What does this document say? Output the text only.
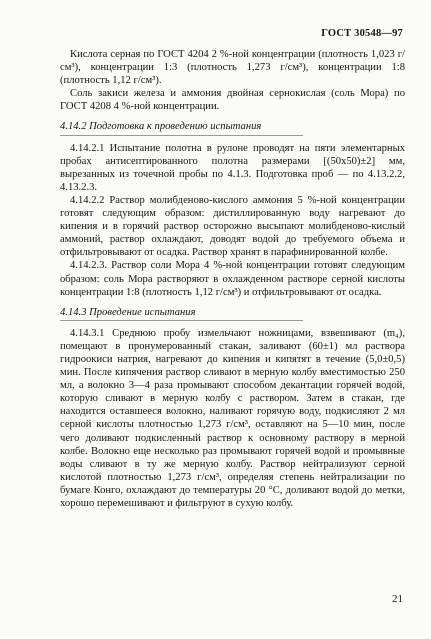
ГОСТ 30548—97

Кислота серная по ГОСТ 4204 2 %-ной концентрации (плотность 1,023 г/см³), концентрации 1:3 (плотность 1,273 г/см³), концентрации 1:8 (плотность 1,12 г/см³).

Соль закиси железа и аммония двойная сернокислая (соль Мора) по ГОСТ 4208 4 %-ной концентрации.

4.14.2 Подготовка к проведению испытания

4.14.2.1 Испытание полотна в рулоне проводят на пяти элементарных пробах антисептированного полотна размерами [(50x50)±2] мм, вырезанных из точечной пробы по 4.1.3. Подготовка проб — по 4.13.2.2, 4.13.2.3.

4.14.2.2 Раствор молибденово-кислого аммония 5 %-ной концентрации готовят следующим образом: дистиллированную воду нагревают до кипения и в горячий раствор осторожно высыпают молибденово-кислый аммоний, раствор охлаждают, доводят водой до требуемого объема и отфильтровывают от осадка. Раствор хранят в парафинированной колбе.

4.14.2.3. Раствор соли Мора 4 %-ной концентрации готовят следующим образом: соль Мора растворяют в охлажденном растворе серной кислоты концентрации 1:8 (плотность 1,12 г/см³) и отфильтровывают от осадка.

4.14.3 Проведение испытания

4.14.3.1 Среднюю пробу измельчают ножницами, взвешивают (m₄), помещают в пронумерованный стакан, заливают (60±1) мл раствора гидроокиси натрия, нагревают до кипения и кипятят в течение (5,0±0,5) мин. После кипячения раствор сливают в мерную колбу вместимостью 250 мл, а волокно 3—4 раза промывают способом декантации горячей водой, которую сливают в мерную колбу с раствором. Затем в стакан, где находится оставшееся волокно, наливают горячую воду, подкисляют 2 мл серной кислоты плотностью 1,273 г/см³, оставляют на 5—10 мин, после чего доливают подкисленный раствор к основному раствору в мерной колбе. Волокно еще несколько раз промывают горячей водой и промывные воды сливают в ту же мерную колбу. Раствор нейтрализуют серной кислотой плотностью 1,273 г/см³, определяя степень нейтрализации по бумаге Конго, охлаждают до температуры 20 °С, доливают водой до метки, хорошо перемешивают и фильтруют в сухую колбу.

21
